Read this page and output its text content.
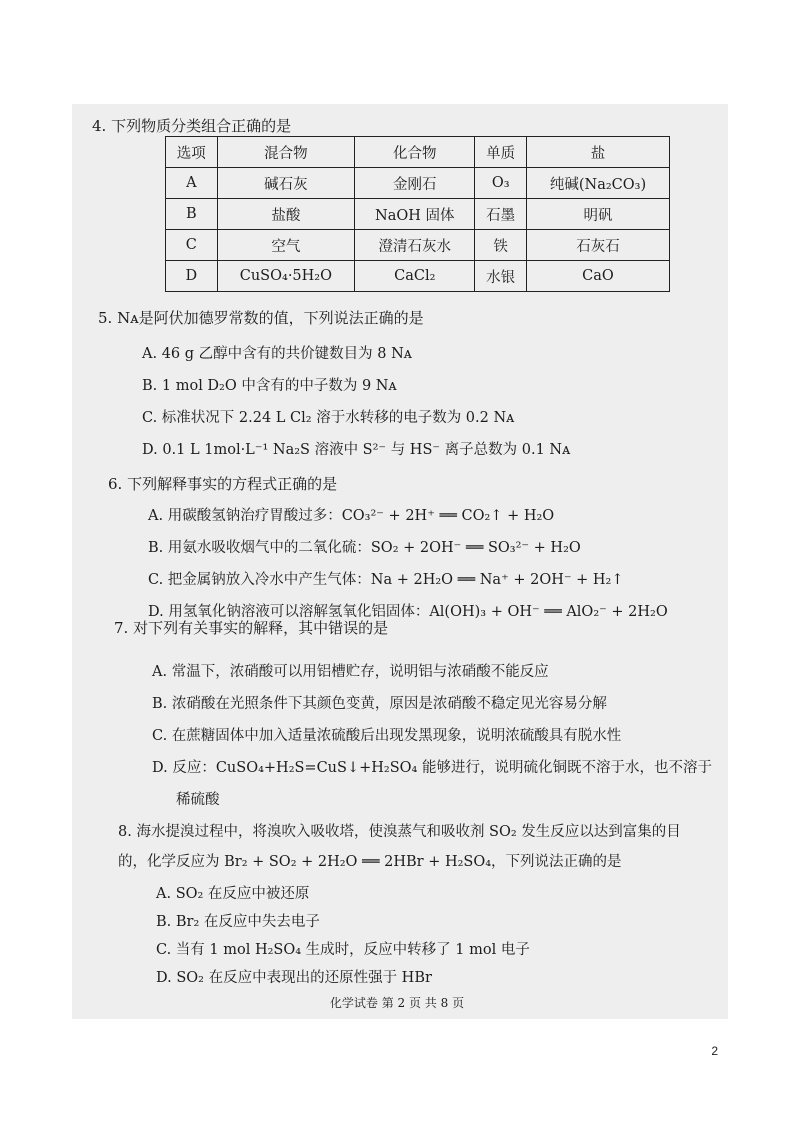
4. 下列物质分类组合正确的是
选项	混合物	化合物	单质	盐
A	碱石灰	金刚石	O₃	纯碱(Na₂CO₃)
B	盐酸	NaOH 固体	石墨	明矾
C	空气	澄清石灰水	铁	石灰石
D	CuSO₄·5H₂O	CaCl₂	水银	CaO
5. Nᴀ是阿伏加德罗常数的值，下列说法正确的是
A. 46 g 乙醇中含有的共价键数目为 8 Nᴀ
B. 1 mol D₂O 中含有的中子数为 9 Nᴀ
C. 标准状况下 2.24 L Cl₂ 溶于水转移的电子数为 0.2 Nᴀ
D. 0.1 L 1mol·L⁻¹ Na₂S 溶液中 S²⁻ 与 HS⁻ 离子总数为 0.1 Nᴀ
6. 下列解释事实的方程式正确的是
A. 用碳酸氢钠治疗胃酸过多：CO₃²⁻ + 2H⁺ ══ CO₂↑ + H₂O
B. 用氨水吸收烟气中的二氧化硫：SO₂ + 2OH⁻ ══ SO₃²⁻ + H₂O
C. 把金属钠放入冷水中产生气体：Na + 2H₂O ══ Na⁺ + 2OH⁻ + H₂↑
D. 用氢氧化钠溶液可以溶解氢氧化铝固体：Al(OH)₃ + OH⁻ ══ AlO₂⁻ + 2H₂O
7. 对下列有关事实的解释，其中错误的是
A. 常温下，浓硝酸可以用铝槽贮存，说明铝与浓硝酸不能反应
B. 浓硝酸在光照条件下其颜色变黄，原因是浓硝酸不稳定见光容易分解
C. 在蔗糖固体中加入适量浓硫酸后出现发黑现象，说明浓硫酸具有脱水性
D. 反应：CuSO₄+H₂S=CuS↓+H₂SO₄ 能够进行，说明硫化铜既不溶于水，也不溶于
稀硫酸
8. 海水提溴过程中，将溴吹入吸收塔，使溴蒸气和吸收剂 SO₂ 发生反应以达到富集的目
的，化学反应为 Br₂ + SO₂ + 2H₂O ══ 2HBr + H₂SO₄，下列说法正确的是
A. SO₂ 在反应中被还原
B. Br₂ 在反应中失去电子
C. 当有 1 mol H₂SO₄ 生成时，反应中转移了 1 mol 电子
D. SO₂ 在反应中表现出的还原性强于 HBr
化学试卷 第 2 页 共 8 页
2
